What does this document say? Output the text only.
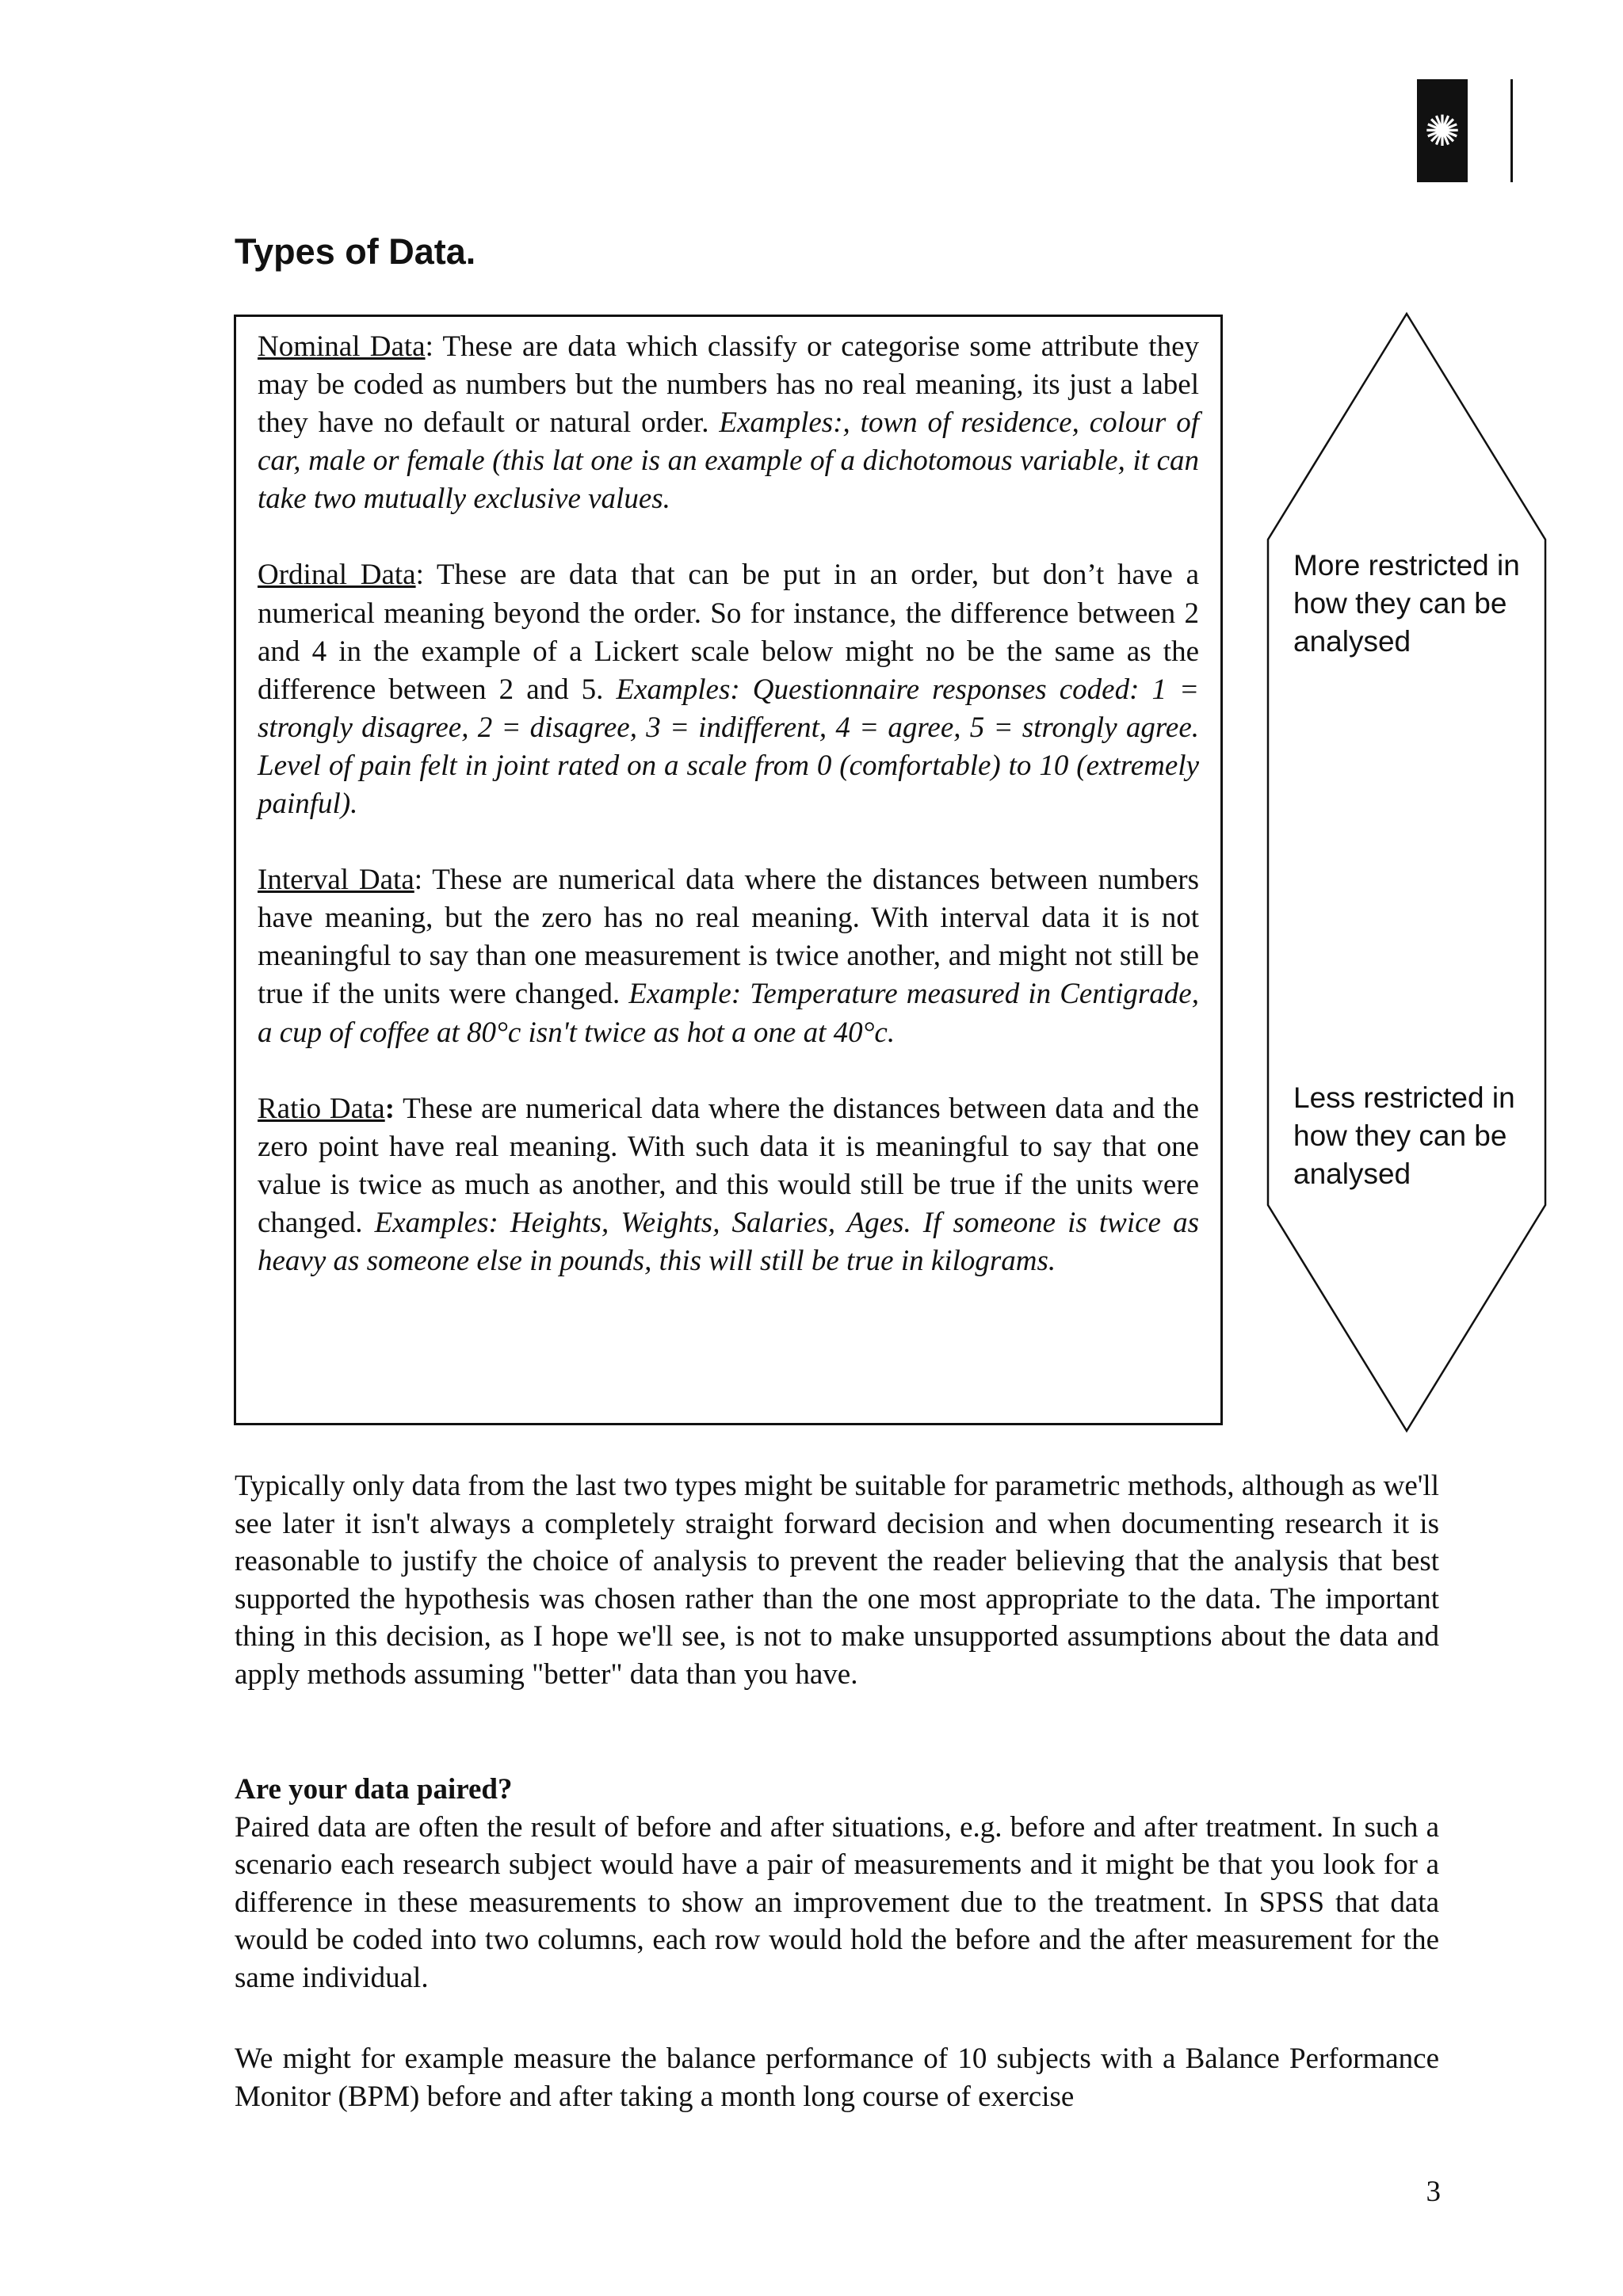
✺
Types of Data.

Nominal Data: These are data which classify or categorise some attribute they may be coded as numbers but the numbers has no real meaning, its just a label they have no default or natural order. Examples:, town of residence, colour of car, male or female (this lat one is an example of a dichotomous variable, it can take two mutually exclusive values.

Ordinal Data: These are data that can be put in an order, but don’t have a numerical meaning beyond the order. So for instance, the difference between 2 and 4 in the example of a Lickert scale below might no be the same as the difference between 2 and 5. Examples: Questionnaire responses coded: 1 = strongly disagree, 2 = disagree, 3 = indifferent, 4 = agree, 5 = strongly agree. Level of pain felt in joint rated on a scale from 0 (comfortable) to 10 (extremely painful).

Interval Data: These are numerical data where the distances between numbers have meaning, but the zero has no real meaning. With interval data it is not meaningful to say than one measurement is twice another, and might not still be true if the units were changed. Example: Temperature measured in Centigrade, a cup of coffee at 80°c isn't twice as hot a one at 40°c.

Ratio Data: These are numerical data where the distances between data and the zero point have real meaning. With such data it is meaningful to say that one value is twice as much as another, and this would still be true if the units were changed. Examples: Heights, Weights, Salaries, Ages. If someone is twice as heavy as someone else in pounds, this will still be true in kilograms.

More restricted in how they can be analysed
Less restricted in how they can be analysed

Typically only data from the last two types might be suitable for parametric methods, although as we'll see later it isn't always a completely straight forward decision and when documenting research it is reasonable to justify the choice of analysis to prevent the reader believing that the analysis that best supported the hypothesis was chosen rather than the one most appropriate to the data. The important thing in this decision, as I hope we'll see, is not to make unsupported assumptions about the data and apply methods assuming "better" data than you have.

Are your data paired?
Paired data are often the result of before and after situations, e.g. before and after treatment. In such a scenario each research subject would have a pair of measurements and it might be that you look for a difference in these measurements to show an improvement due to the treatment. In SPSS that data would be coded into two columns, each row would hold the before and the after measurement for the same individual.

We might for example measure the balance performance of 10 subjects with a Balance Performance Monitor (BPM) before and after taking a month long course of exercise

3
